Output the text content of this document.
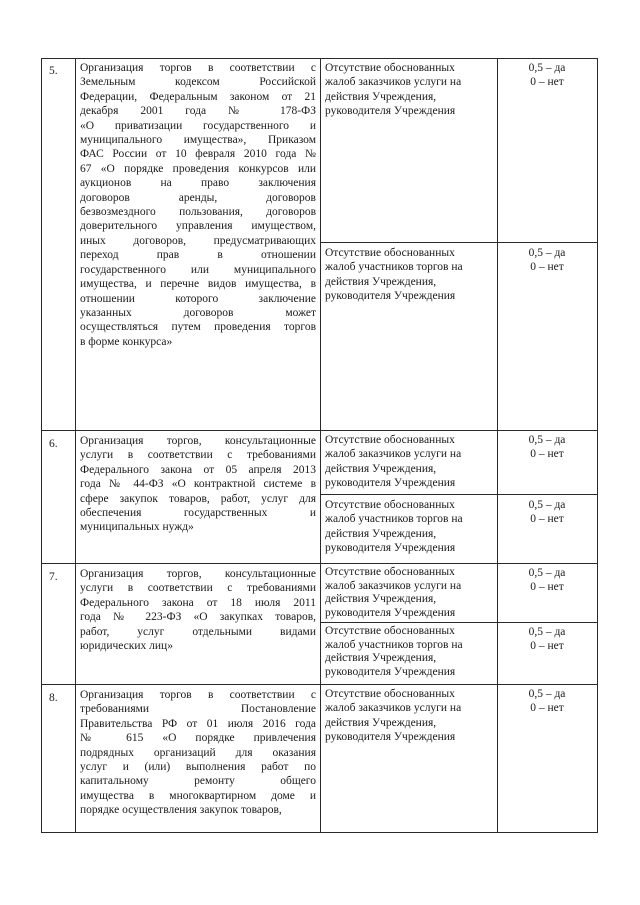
5. Организация торгов в соответствии с

Земельным кодексом Российской

Федерации, Федеральным законом от 21

декабря 2001 года № 178-ФЗ

«О приватизации государственного и

муниципального имущества», Приказом

ФАС России от 10 февраля 2010 года №

67 «О порядке проведения конкурсов или

аукционов на право заключения

договоров аренды, договоров

безвозмездного пользования, договоров

доверительного управления имуществом,

иных договоров, предусматривающих

переход прав в отношении

государственного или муниципального

имущества, и перечне видов имущества, в

отношении которого заключение

указанных договоров может

осуществляться путем проведения торгов

в форме конкурса»

Отсутствие обоснованных

жалоб заказчиков услуги на

действия Учреждения,

руководителя Учреждения

0,5 – да
0 – нет

Отсутствие обоснованных

жалоб участников торгов на

действия Учреждения,

руководителя Учреждения

0,5 – да
0 – нет
6. Организация торгов, консультационные

услуги в соответствии с требованиями

Федерального закона от 05 апреля 2013

года № 44-ФЗ «О контрактной системе в

сфере закупок товаров, работ, услуг для

обеспечения государственных и

муниципальных нужд»

Отсутствие обоснованных

жалоб заказчиков услуги на

действия Учреждения,

руководителя Учреждения

0,5 – да
0 – нет

Отсутствие обоснованных

жалоб участников торгов на

действия Учреждения,

руководителя Учреждения

0,5 – да
0 – нет
7. Организация торгов, консультационные

услуги в соответствии с требованиями

Федерального закона от 18 июля 2011

года № 223-ФЗ «О закупках товаров,

работ, услуг отдельными видами

юридических лиц»

Отсутствие обоснованных

жалоб заказчиков услуги на

действия Учреждения,

руководителя Учреждения

0,5 – да
0 – нет

Отсутствие обоснованных

жалоб участников торгов на

действия Учреждения,

руководителя Учреждения

0,5 – да
0 – нет
8. Организация торгов в соответствии с

требованиями Постановление

Правительства РФ от 01 июля 2016 года

№ 615 «О порядке привлечения

подрядных организаций для оказания

услуг и (или) выполнения работ по

капитальному ремонту общего

имущества в многоквартирном доме и

порядке осуществления закупок товаров,

Отсутствие обоснованных

жалоб заказчиков услуги на

действия Учреждения,

руководителя Учреждения

0,5 – да
0 – нет
